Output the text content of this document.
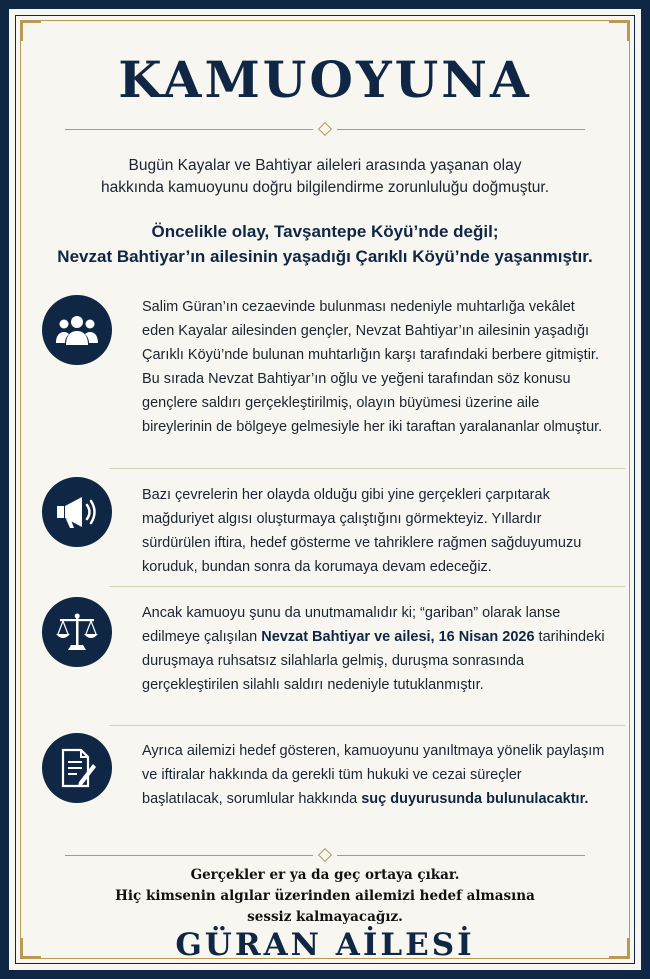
KAMUOYUNA
Bugün Kayalar ve Bahtiyar aileleri arasında yaşanan olay
hakkında kamuoyunu doğru bilgilendirme zorunluluğu doğmuştur.
Öncelikle olay, Tavşantepe Köyü’nde değil;
Nevzat Bahtiyar’ın ailesinin yaşadığı Çarıklı Köyü’nde yaşanmıştır.
Salim Güran’ın cezaevinde bulunması nedeniyle muhtarlığa vekâlet eden Kayalar ailesinden gençler, Nevzat Bahtiyar’ın ailesinin yaşadığı Çarıklı Köyü’nde bulunan muhtarlığın karşı tarafındaki berbere gitmiştir. Bu sırada Nevzat Bahtiyar’ın oğlu ve yeğeni tarafından söz konusu gençlere saldırı gerçekleştirilmiş, olayın büyümesi üzerine aile bireylerinin de bölgeye gelmesiyle her iki taraftan yaralananlar olmuştur.
Bazı çevrelerin her olayda olduğu gibi yine gerçekleri çarpıtarak mağduriyet algısı oluşturmaya çalıştığını görmekteyiz. Yıllardır sürdürülen iftira, hedef gösterme ve tahriklere rağmen sağduyumuzu koruduk, bundan sonra da korumaya devam edeceğiz.
Ancak kamuoyu şunu da unutmamalıdır ki; “gariban” olarak lanse edilmeye çalışılan Nevzat Bahtiyar ve ailesi, 16 Nisan 2026 tarihindeki duruşmaya ruhsatsız silahlarla gelmiş, duruşma sonrasında gerçekleştirilen silahlı saldırı nedeniyle tutuklanmıştır.
Ayrıca ailemizi hedef gösteren, kamuoyunu yanıltmaya yönelik paylaşım ve iftiralar hakkında da gerekli tüm hukuki ve cezai süreçler başlatılacak, sorumlular hakkında suç duyurusunda bulunulacaktır.
Gerçekler er ya da geç ortaya çıkar.
Hiç kimsenin algılar üzerinden ailemizi hedef almasına
sessiz kalmayacağız.
GÜRAN AİLESİ
